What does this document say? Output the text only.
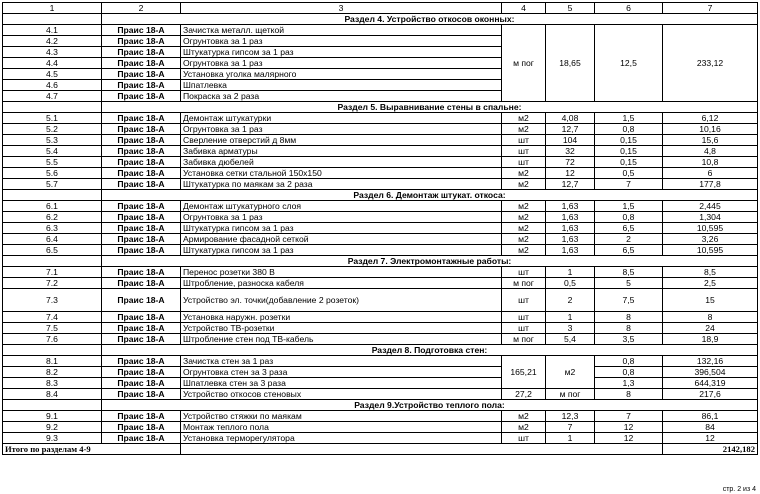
1	2	3	4	5	6	7
	Раздел 4. Устройство откосов оконных:					
4.1	Праис 18-А	Зачистка металл. щеткой	м пог	18,65	12,5	233,12
4.2	Праис 18-А	Огрунтовка за 1 раз				
4.3	Праис 18-А	Штукатурка гипсом за 1 раз				
4.4	Праис 18-А	Огрунтовка за 1 раз				
4.5	Праис 18-А	Установка уголка малярного				
4.6	Праис 18-А	Шпатлевка				
4.7	Праис 18-А	Покраска за 2 раза				
	Раздел 5. Выравнивание стены в спальне:					
5.1	Праис 18-А	Демонтаж штукатурки	м2	4,08	1,5	6,12
5.2	Праис 18-А	Огрунтовка за 1 раз	м2	12,7	0,8	10,16
5.3	Праис 18-А	Сверление отверстий д 8мм	шт	104	0,15	15,6
5.4	Праис 18-А	Забивка арматуры	шт	32	0,15	4,8
5.5	Праис 18-А	Забивка дюбелей	шт	72	0,15	10,8
5.6	Праис 18-А	Установка сетки стальной 150х150	м2	12	0,5	6
5.7	Праис 18-А	Штукатурка по маякам за 2 раза	м2	12,7	7	177,8
	Раздел 6. Демонтаж штукат. откоса:					
6.1	Праис 18-А	Демонтаж штукатурного слоя	м2	1,63	1,5	2,445
6.2	Праис 18-А	Огрунтовка за 1 раз	м2	1,63	0,8	1,304
6.3	Праис 18-А	Штукатурка гипсом за 1 раз	м2	1,63	6,5	10,595
6.4	Праис 18-А	Армирование фасадной сеткой	м2	1,63	2	3,26
6.5	Праис 18-А	Штукатурка гипсом за 1 раз	м2	1,63	6,5	10,595
	Раздел 7. Электромонтажные работы:					
7.1	Праис 18-А	Перенос розетки 380 В	шт	1	8,5	8,5
7.2	Праис 18-А	Штробление, разноска кабеля	м пог	0,5	5	2,5
7.3	Праис 18-А	Устройство эл. точки(добавление 2 розеток)	шт	2	7,5	15
7.4	Праис 18-А	Установка наружн. розетки	шт	1	8	8
7.5	Праис 18-А	Устройство ТВ-розетки	шт	3	8	24
7.6	Праис 18-А	Штробление стен под ТВ-кабель	м пог	5,4	3,5	18,9
	Раздел 8. Подготовка стен:					
8.1	Праис 18-А	Зачистка стен за 1 раз	165,21	м2	0,8	132,16
8.2	Праис 18-А	Огрунтовка стен за 3 раза			0,8	396,504
8.3	Праис 18-А	Шпатлевка стен за 3 раза			1,3	644,319
8.4	Праис 18-А	Устройство откосов стеновых	27,2	м пог	8	217,6
	Раздел 9.Устройство теплого пола:					
9.1	Праис 18-А	Устройство стяжки по маякам	м2	12,3	7	86,1
9.2	Праис 18-А	Монтаж теплого пола	м2	7	12	84
9.3	Праис 18-А	Установка терморегулятора	шт	1	12	12
Итого по разделам 4-9						2142,182
стр. 2 из 4
